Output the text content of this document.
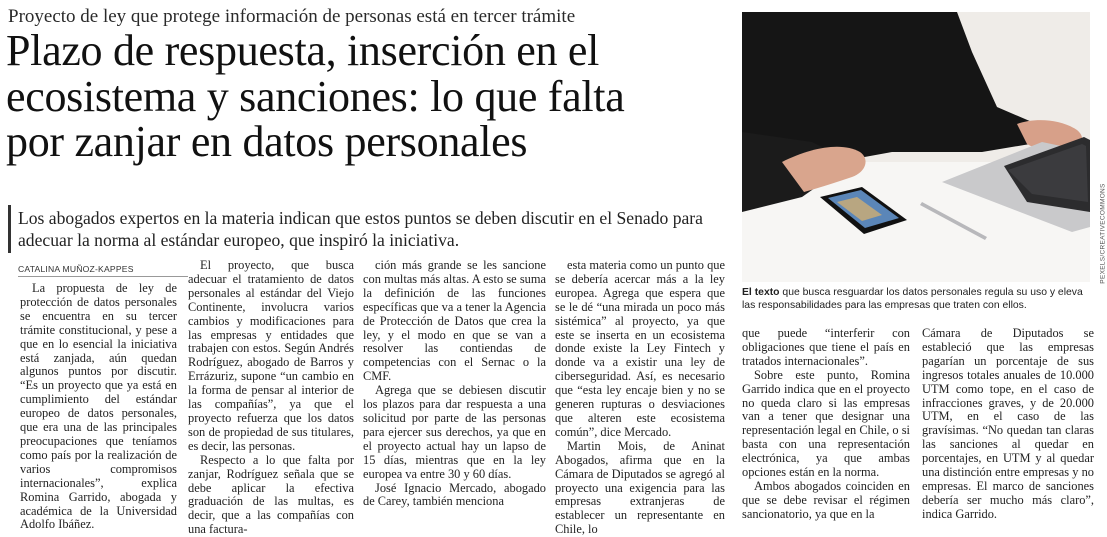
Proyecto de ley que protege información de personas está en tercer trámite
Plazo de respuesta, inserción en el
ecosistema y sanciones: lo que falta
por zanjar en datos personales
Los abogados expertos en la materia indican que estos puntos se deben discutir en el Senado para adecuar la norma al estándar europeo, que inspiró la iniciativa.
CATALINA MUÑOZ-KAPPES

La propuesta de ley de protección de datos personales se encuentra en su tercer trámite constitucional, y pese a que en lo esencial la iniciativa está zanjada, aún quedan algunos puntos por discutir. “Es un proyecto que ya está en cumplimiento del estándar europeo de datos personales, que era una de las principales preocupaciones que teníamos como país por la realización de varios compromisos internacionales”, explica Romina Garrido, abogada y académica de la Universidad Adolfo Ibáñez.

El proyecto, que busca adecuar el tratamiento de datos personales al estándar del Viejo Continente, involucra varios cambios y modificaciones para las empresas y entidades que trabajen con estos. Según Andrés Rodríguez, abogado de Barros y Errázuriz, supone “un cambio en la forma de pensar al interior de las compañías”, ya que el proyecto refuerza que los datos son de propiedad de sus titulares, es decir, las personas.

Respecto a lo que falta por zanjar, Rodríguez señala que se debe aplicar la efectiva graduación de las multas, es decir, que a las compañías con una factura-

ción más grande se les sancione con multas más altas. A esto se suma la definición de las funciones específicas que va a tener la Agencia de Protección de Datos que crea la ley, y el modo en que se van a resolver las contiendas de competencias con el Sernac o la CMF.

Agrega que se debiesen discutir los plazos para dar respuesta a una solicitud por parte de las personas para ejercer sus derechos, ya que en el proyecto actual hay un lapso de 15 días, mientras que en la ley europea va entre 30 y 60 días.

José Ignacio Mercado, abogado de Carey, también menciona

esta materia como un punto que se debería acercar más a la ley europea. Agrega que espera que se le dé “una mirada un poco más sistémica” al proyecto, ya que este se inserta en un ecosistema donde existe la Ley Fintech y donde va a existir una ley de ciberseguridad. Así, es necesario que “esta ley encaje bien y no se generen rupturas o desviaciones que alteren este ecosistema común”, dice Mercado.

Martin Mois, de Aninat Abogados, afirma que en la Cámara de Diputados se agregó al proyecto una exigencia para las empresas extranjeras de establecer un representante en Chile, lo

que puede “interferir con obligaciones que tiene el país en tratados internacionales”.

Sobre este punto, Romina Garrido indica que en el proyecto no queda claro si las empresas van a tener que designar una representación legal en Chile, o si basta con una representación electrónica, ya que ambas opciones están en la norma.

Ambos abogados coinciden en que se debe revisar el régimen sancionatorio, ya que en la

Cámara de Diputados se estableció que las empresas pagarían un porcentaje de sus ingresos totales anuales de 10.000 UTM como tope, en el caso de infracciones graves, y de 20.000 UTM, en el caso de las gravísimas. “No quedan tan claras las sanciones al quedar en porcentajes, en UTM y al quedar una distinción entre empresas y no empresas. El marco de sanciones debería ser mucho más claro”, indica Garrido.

PEXELS/CREATIVECOMMONS
El texto que busca resguardar los datos personales regula su uso y eleva las responsabilidades para las empresas que traten con ellos.
